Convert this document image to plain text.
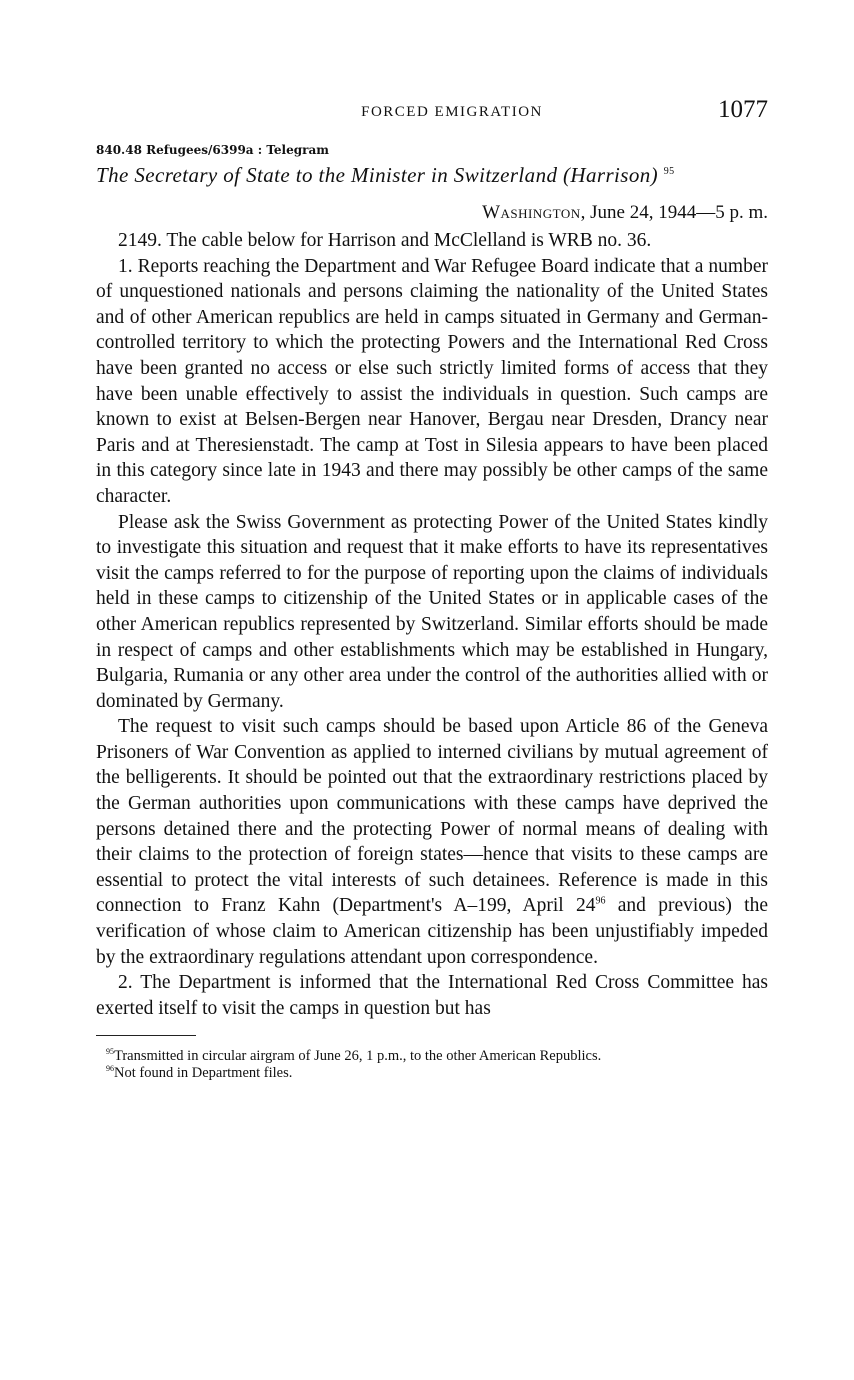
FORCED EMIGRATION	1077
840.48 Refugees/6399a : Telegram
The Secretary of State to the Minister in Switzerland (Harrison) $^{95}$
Washington, June 24, 1944—5 p. m.

2149. The cable below for Harrison and McClelland is WRB no. 36.

1. Reports reaching the Department and War Refugee Board indicate that a number of unquestioned nationals and persons claiming the nationality of the United States and of other American republics are held in camps situated in Germany and German-controlled territory to which the protecting Powers and the International Red Cross have been granted no access or else such strictly limited forms of access that they have been unable effectively to assist the individuals in question. Such camps are known to exist at Belsen-Bergen near Hanover, Bergau near Dresden, Drancy near Paris and at Theresienstadt. The camp at Tost in Silesia appears to have been placed in this category since late in 1943 and there may possibly be other camps of the same character.

Please ask the Swiss Government as protecting Power of the United States kindly to investigate this situation and request that it make efforts to have its representatives visit the camps referred to for the purpose of reporting upon the claims of individuals held in these camps to citizenship of the United States or in applicable cases of the other American republics represented by Switzerland. Similar efforts should be made in respect of camps and other establishments which may be established in Hungary, Bulgaria, Rumania or any other area under the control of the authorities allied with or dominated by Germany.

The request to visit such camps should be based upon Article 86 of the Geneva Prisoners of War Convention as applied to interned civilians by mutual agreement of the belligerents. It should be pointed out that the extraordinary restrictions placed by the German authorities upon communications with these camps have deprived the persons detained there and the protecting Power of normal means of dealing with their claims to the protection of foreign states—hence that visits to these camps are essential to protect the vital interests of such detainees. Reference is made in this connection to Franz Kahn (Department's A–199, April 24$^{96}$ and previous) the verification of whose claim to American citizenship has been unjustifiably impeded by the extraordinary regulations attendant upon correspondence.

2. The Department is informed that the International Red Cross Committee has exerted itself to visit the camps in question but has

$^{95}$Transmitted in circular airgram of June 26, 1 p.m., to the other American Republics.

$^{96}$Not found in Department files.
